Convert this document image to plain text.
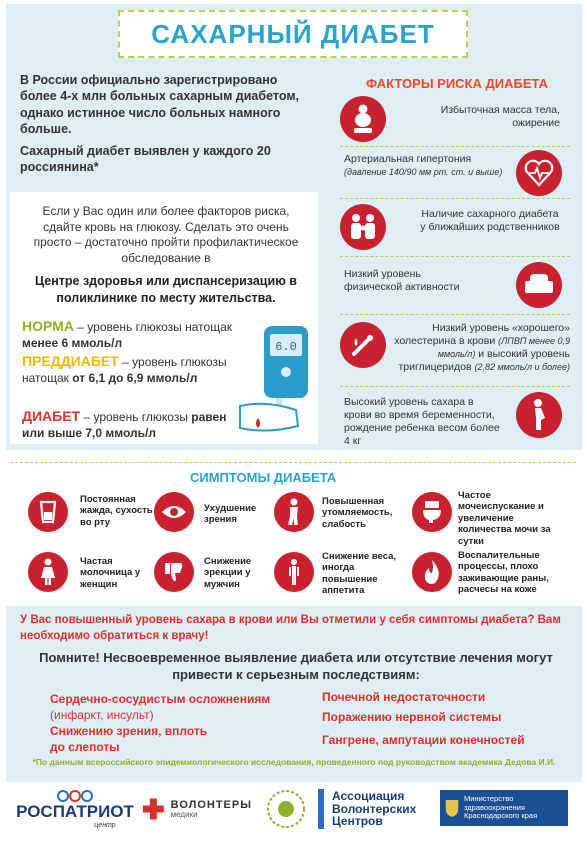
САХАРНЫЙ ДИАБЕТ

В России официально зарегистрировано более 4-х млн больных сахарным диабетом, однако истинное число больных намного больше.

Сахарный диабет выявлен у каждого 20 россиянина*

Если у Вас один или более факторов риска, сдайте кровь на глюкозу. Сделать это очень просто – достаточно пройти профилактическое обследование в
Центре здоровья или диспансеризацию в поликлинике по месту жительства.
НОРМА – уровень глюкозы натощак менее 6 ммоль/л
ПРЕДДИАБЕТ – уровень глюкозы натощак от 6,1 до 6,9 ммоль/л
ДИАБЕТ – уровень глюкозы равен или выше 7,0 ммоль/л
6.0
ФАКТОРЫ РИСКА ДИАБЕТА
Избыточная масса тела, ожирение
Артериальная гипертония
(давление 140/90 мм рт. ст. и выше)
Наличие сахарного диабета у ближайших родственников
Низкий уровень физической активности
Низкий уровень «хорошего» холестерина в крови (ЛПВП менее 0,9 ммоль/л) и высокий уровень триглицеридов (2,82 ммоль/л и более)
Высокий уровень сахара в крови во время беременности, рождение ребенка весом более 4 кг
СИМПТОМЫ ДИАБЕТА
Постоянная жажда, сухость во рту
Ухудшение зрения
Повышенная утомляемость, слабость
Частое мочеиспускание и увеличение количества мочи за сутки
Частая молочница у женщин
Снижение эрекции у мужчин
Снижение веса, иногда повышение аппетита
Воспалительные процессы, плохо заживающие раны, расчесы на коже
У Вас повышенный уровень сахара в крови или Вы отметили у себя симптомы диабета? Вам необходимо обратиться к врачу!
Помните! Несвоевременное выявление диабета или отсутствие лечения могут привести к серьезным последствиям:
Сердечно-сосудистым осложнениям (инфаркт, инсульт)
Снижению зрения, вплоть до слепоты
Почечной недостаточности
Поражению нервной системы
Гангрене, ампутации конечностей
*По данным всероссийского эпидемиологического исследования, проведенного под руководством академика Дедова И.И.
РОСПАТРИОТ
центр
ВОЛОНТЕРЫ
медики
Ассоциация
Волонтерских
Центров
Министерство здравоохранения
Краснодарского края
